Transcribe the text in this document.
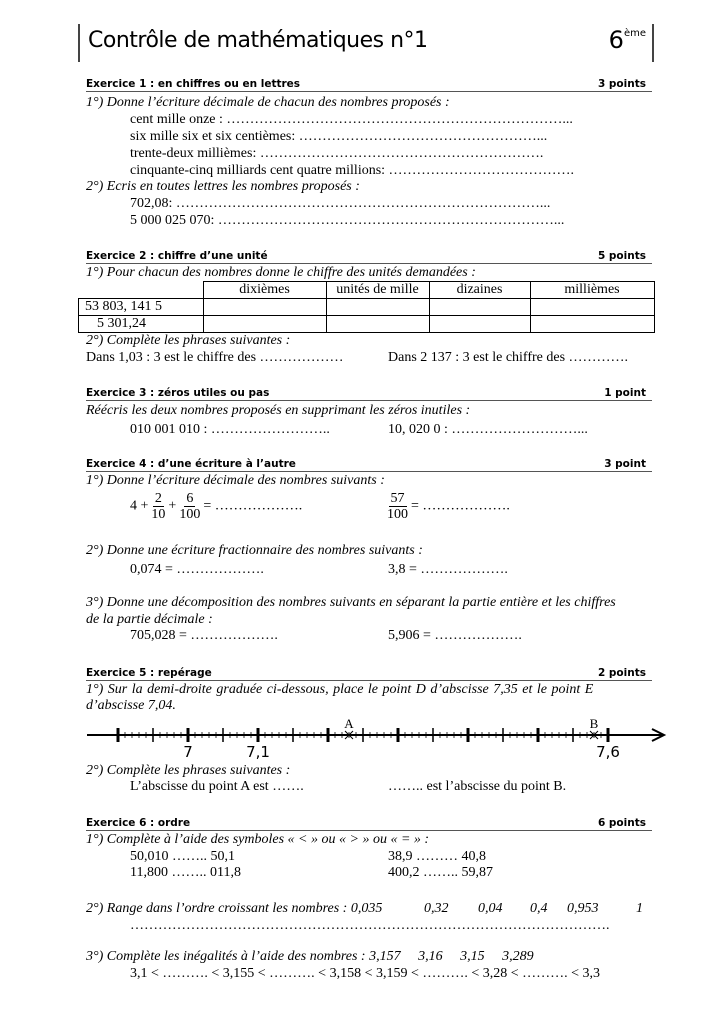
Contrôle de mathématiques n°1	6ème
Exercice 1 : en chiffres ou en lettres	3 points
1°) Donne l’écriture décimale de chacun des nombres proposés :
cent mille onze : ………………………………………………………………...
six mille six et six centièmes: ……………………………………………...
trente-deux millièmes: …………………………………………………….
cinquante-cinq milliards cent quatre millions: ………………………………….
2°) Ecris en toutes lettres les nombres proposés :
702,08: ……………………………………………………………………...
5 000 025 070: ………………………………………………………………...
Exercice 2 : chiffre d’une unité	5 points
1°) Pour chacun des nombres donne le chiffre des unités demandées :
	dixièmes	unités de mille	dizaines	millièmes
53 803, 141 5				
5 301,24				
2°) Complète les phrases suivantes :
Dans 1,03 : 3 est le chiffre des ………………	Dans 2 137 : 3 est le chiffre des ………….
Exercice 3 : zéros utiles ou pas	1 point
Réécris les deux nombres proposés en supprimant les zéros inutiles :
010 001 010 : ……………………..	10, 020 0 : ………………………...
Exercice 4 : d’une écriture à l’autre	3 point
1°) Donne l’écriture décimale des nombres suivants :
$4 + \frac{2}{10} + \frac{6}{100}$ = ……………….	$\frac{57}{100}$ = ……………….
2°) Donne une écriture fractionnaire des nombres suivants :
0,074 = ……………….	3,8 = ……………….
3°) Donne une décomposition des nombres suivants en séparant la partie entière et les chiffres
de la partie décimale :
705,028 = ……………….	5,906 = ……………….
Exercice 5 : repérage	2 points
1°) Sur la demi-droite graduée ci-dessous, place le point D d’abscisse 7,35 et le point E
d’abscisse 7,04.
7	7,1	7,6
A	B
2°) Complète les phrases suivantes :
L’abscisse du point A est …….	…….. est l’abscisse du point B.
Exercice 6 : ordre	6 points
1°) Complète à l’aide des symboles « < » ou « > » ou « = » :
50,010 …….. 50,1	38,9 ……… 40,8
11,800 …….. 011,8	400,2 …….. 59,87
2°) Range dans l’ordre croissant les nombres : 0,035	0,32 0,04 0,4 0,953	1
………………………………………………………………………………………….
3°) Complète les inégalités à l’aide des nombres : 3,157     3,16     3,15     3,289
3,1 < ………. < 3,155 < ………. < 3,158 < 3,159 < ………. < 3,28 < ………. < 3,3
